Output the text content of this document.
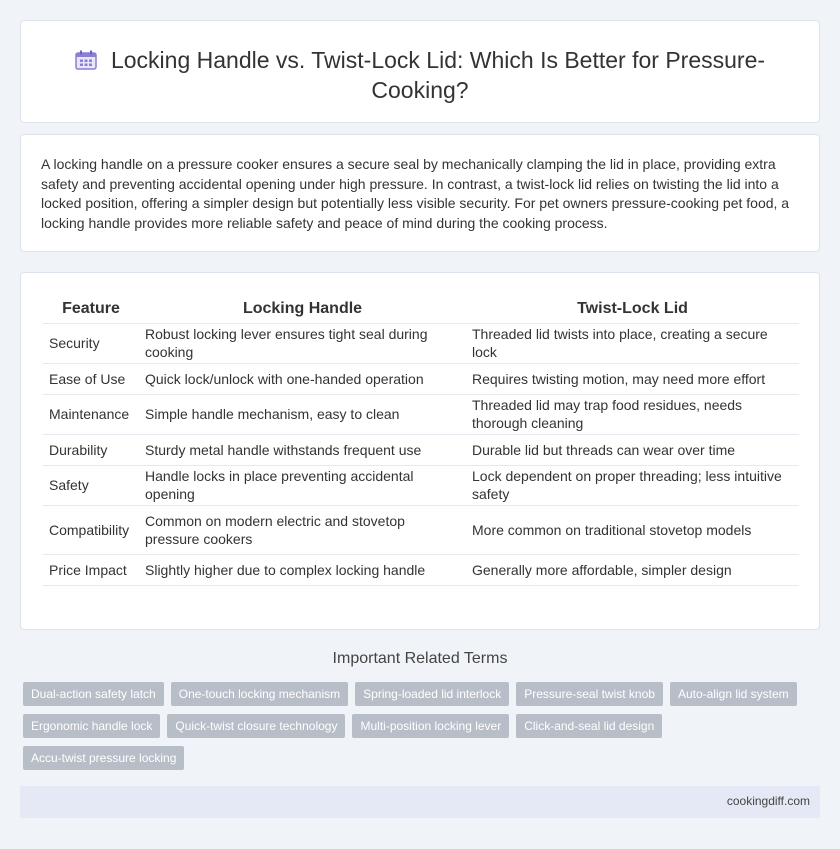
Locking Handle vs. Twist-Lock Lid: Which Is Better for Pressure-Cooking?

A locking handle on a pressure cooker ensures a secure seal by mechanically clamping the lid in place, providing extra safety and preventing accidental opening under high pressure. In contrast, a twist-lock lid relies on twisting the lid into a locked position, offering a simpler design but potentially less visible security. For pet owners pressure-cooking pet food, a locking handle provides more reliable safety and peace of mind during the cooking process.

Feature	Locking Handle	Twist-Lock Lid
Security	Robust locking lever ensures tight seal during cooking	Threaded lid twists into place, creating a secure lock
Ease of Use	Quick lock/unlock with one-handed operation	Requires twisting motion, may need more effort
Maintenance	Simple handle mechanism, easy to clean	Threaded lid may trap food residues, needs thorough cleaning
Durability	Sturdy metal handle withstands frequent use	Durable lid but threads can wear over time
Safety	Handle locks in place preventing accidental opening	Lock dependent on proper threading; less intuitive safety
Compatibility	Common on modern electric and stovetop pressure cookers	More common on traditional stovetop models
Price Impact	Slightly higher due to complex locking handle	Generally more affordable, simpler design
Important Related Terms
Dual-action safety latch	One-touch locking mechanism	Spring-loaded lid interlock	Pressure-seal twist knob	Auto-align lid system
Ergonomic handle lock	Quick-twist closure technology	Multi-position locking lever	Click-and-seal lid design
Accu-twist pressure locking
cookingdiff.com
